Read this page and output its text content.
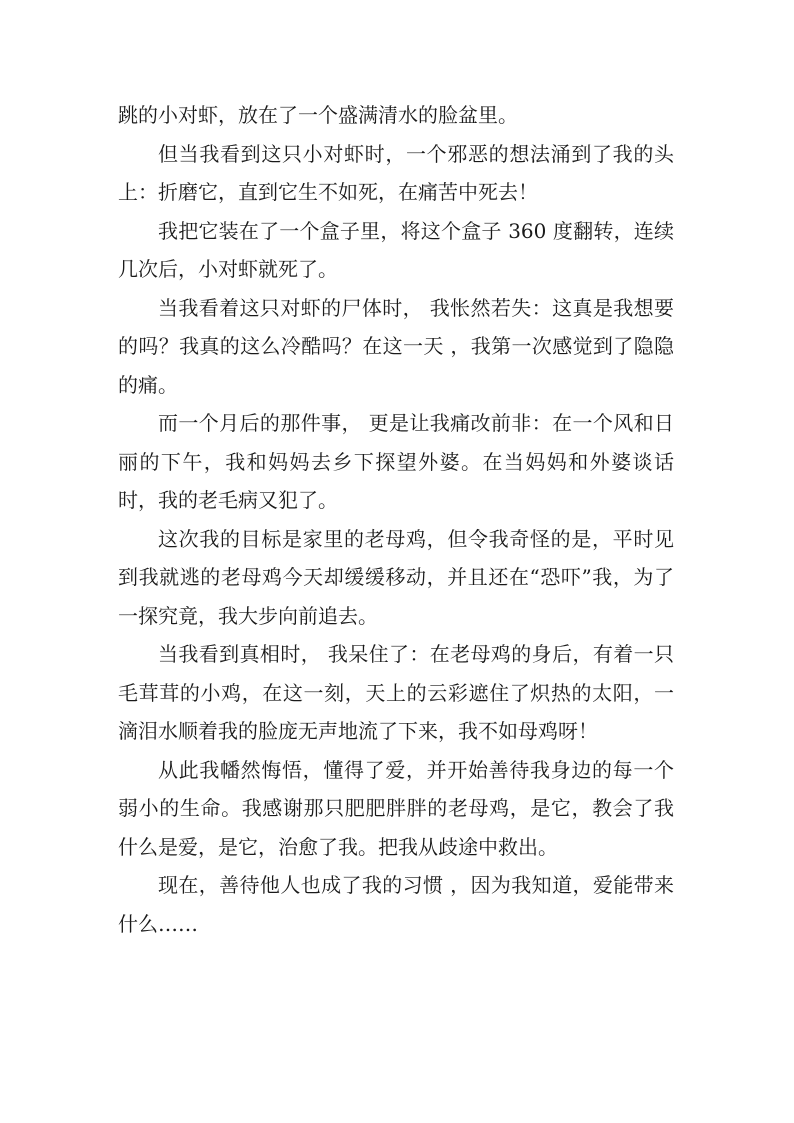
跳的小对虾，放在了一个盛满清水的脸盆里。

但当我看到这只小对虾时，一个邪恶的想法涌到了我的头上：折磨它，直到它生不如死，在痛苦中死去！

我把它装在了一个盒子里，将这个盒子 360 度翻转，连续几次后，小对虾就死了。

当我看着这只对虾的尸体时， 我怅然若失：这真是我想要的吗？我真的这么冷酷吗？在这一天 ，我第一次感觉到了隐隐的痛。

而一个月后的那件事， 更是让我痛改前非：在一个风和日丽的下午，我和妈妈去乡下探望外婆。在当妈妈和外婆谈话时，我的老毛病又犯了。

这次我的目标是家里的老母鸡，但令我奇怪的是，平时见到我就逃的老母鸡今天却缓缓移动，并且还在“恐吓”我，为了一探究竟，我大步向前追去。

当我看到真相时， 我呆住了：在老母鸡的身后，有着一只毛茸茸的小鸡，在这一刻，天上的云彩遮住了炽热的太阳，一滴泪水顺着我的脸庞无声地流了下来，我不如母鸡呀！

从此我幡然悔悟，懂得了爱，并开始善待我身边的每一个弱小的生命。我感谢那只肥肥胖胖的老母鸡，是它，教会了我什么是爱，是它，治愈了我。把我从歧途中救出。

现在，善待他人也成了我的习惯 ，因为我知道，爱能带来什么……
